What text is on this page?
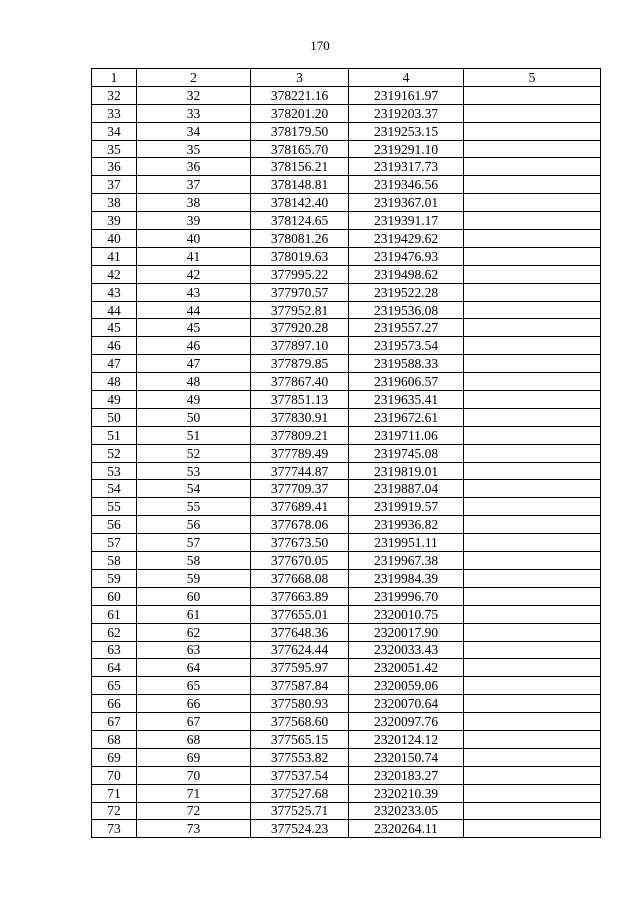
170
1	2	3	4	5
32	32	378221.16	2319161.97	
33	33	378201.20	2319203.37	
34	34	378179.50	2319253.15	
35	35	378165.70	2319291.10	
36	36	378156.21	2319317.73	
37	37	378148.81	2319346.56	
38	38	378142.40	2319367.01	
39	39	378124.65	2319391.17	
40	40	378081.26	2319429.62	
41	41	378019.63	2319476.93	
42	42	377995.22	2319498.62	
43	43	377970.57	2319522.28	
44	44	377952.81	2319536.08	
45	45	377920.28	2319557.27	
46	46	377897.10	2319573.54	
47	47	377879.85	2319588.33	
48	48	377867.40	2319606.57	
49	49	377851.13	2319635.41	
50	50	377830.91	2319672.61	
51	51	377809.21	2319711.06	
52	52	377789.49	2319745.08	
53	53	377744.87	2319819.01	
54	54	377709.37	2319887.04	
55	55	377689.41	2319919.57	
56	56	377678.06	2319936.82	
57	57	377673.50	2319951.11	
58	58	377670.05	2319967.38	
59	59	377668.08	2319984.39	
60	60	377663.89	2319996.70	
61	61	377655.01	2320010.75	
62	62	377648.36	2320017.90	
63	63	377624.44	2320033.43	
64	64	377595.97	2320051.42	
65	65	377587.84	2320059.06	
66	66	377580.93	2320070.64	
67	67	377568.60	2320097.76	
68	68	377565.15	2320124.12	
69	69	377553.82	2320150.74	
70	70	377537.54	2320183.27	
71	71	377527.68	2320210.39	
72	72	377525.71	2320233.05	
73	73	377524.23	2320264.11	
